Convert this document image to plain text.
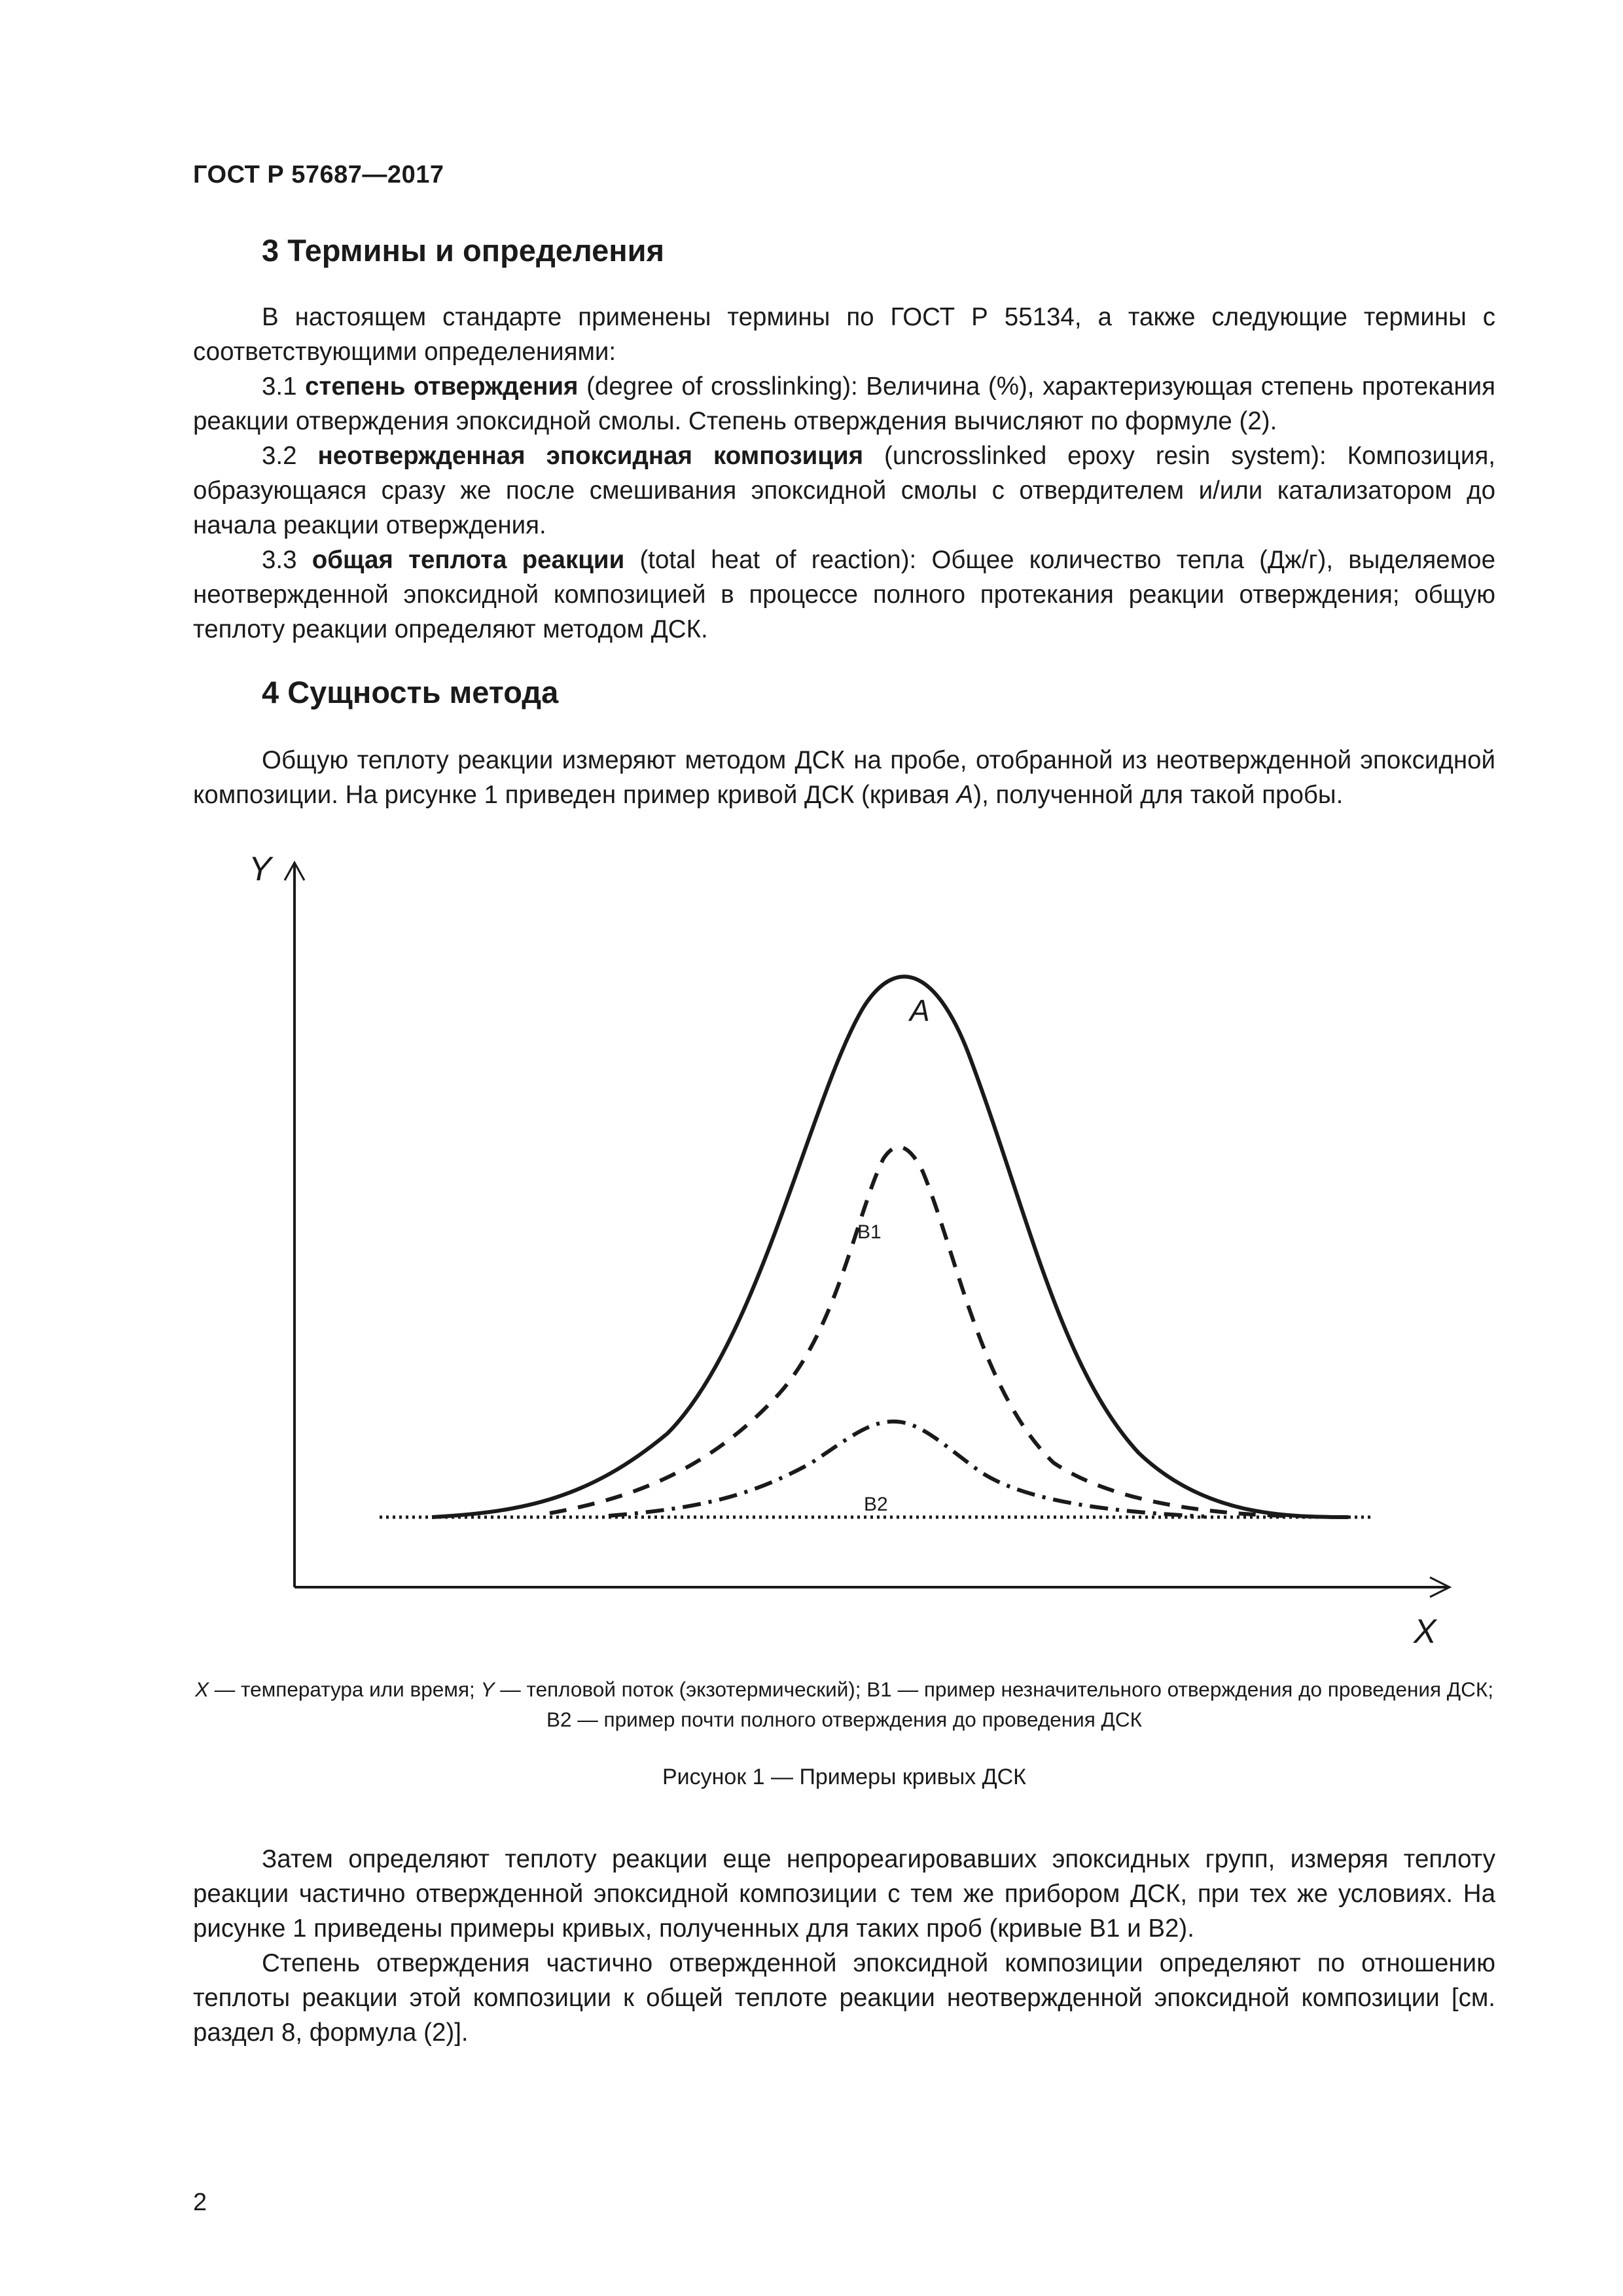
ГОСТ Р 57687—2017
3 Термины и определения

В настоящем стандарте применены термины по ГОСТ Р 55134, а также следующие термины с соответствующими определениями:

3.1 степень отверждения (degree of crosslinking): Величина (%), характеризующая степень протекания реакции отверждения эпоксидной смолы. Степень отверждения вычисляют по формуле (2).

3.2 неотвержденная эпоксидная композиция (uncrosslinked epoxy resin system): Композиция, образующаяся сразу же после смешивания эпоксидной смолы с отвердителем и/или катализатором до начала реакции отверждения.

3.3 общая теплота реакции (total heat of reaction): Общее количество тепла (Дж/г), выделяемое неотвержденной эпоксидной композицией в процессе полного протекания реакции отверждения; общую теплоту реакции определяют методом ДСК.

4 Сущность метода

Общую теплоту реакции измеряют методом ДСК на пробе, отобранной из неотвержденной эпоксидной композиции. На рисунке 1 приведен пример кривой ДСК (кривая А), полученной для такой пробы.

Y
X
A
B1
B2
X — температура или время; Y — тепловой поток (экзотермический); B1 — пример незначительного отверждения до проведения ДСК; B2 — пример почти полного отверждения до проведения ДСК
Рисунок 1 — Примеры кривых ДСК

Затем определяют теплоту реакции еще непрореагировавших эпоксидных групп, измеряя теплоту реакции частично отвержденной эпоксидной композиции с тем же прибором ДСК, при тех же условиях. На рисунке 1 приведены примеры кривых, полученных для таких проб (кривые В1 и В2).

Степень отверждения частично отвержденной эпоксидной композиции определяют по отношению теплоты реакции этой композиции к общей теплоте реакции неотвержденной эпоксидной композиции [см. раздел 8, формула (2)].

2
